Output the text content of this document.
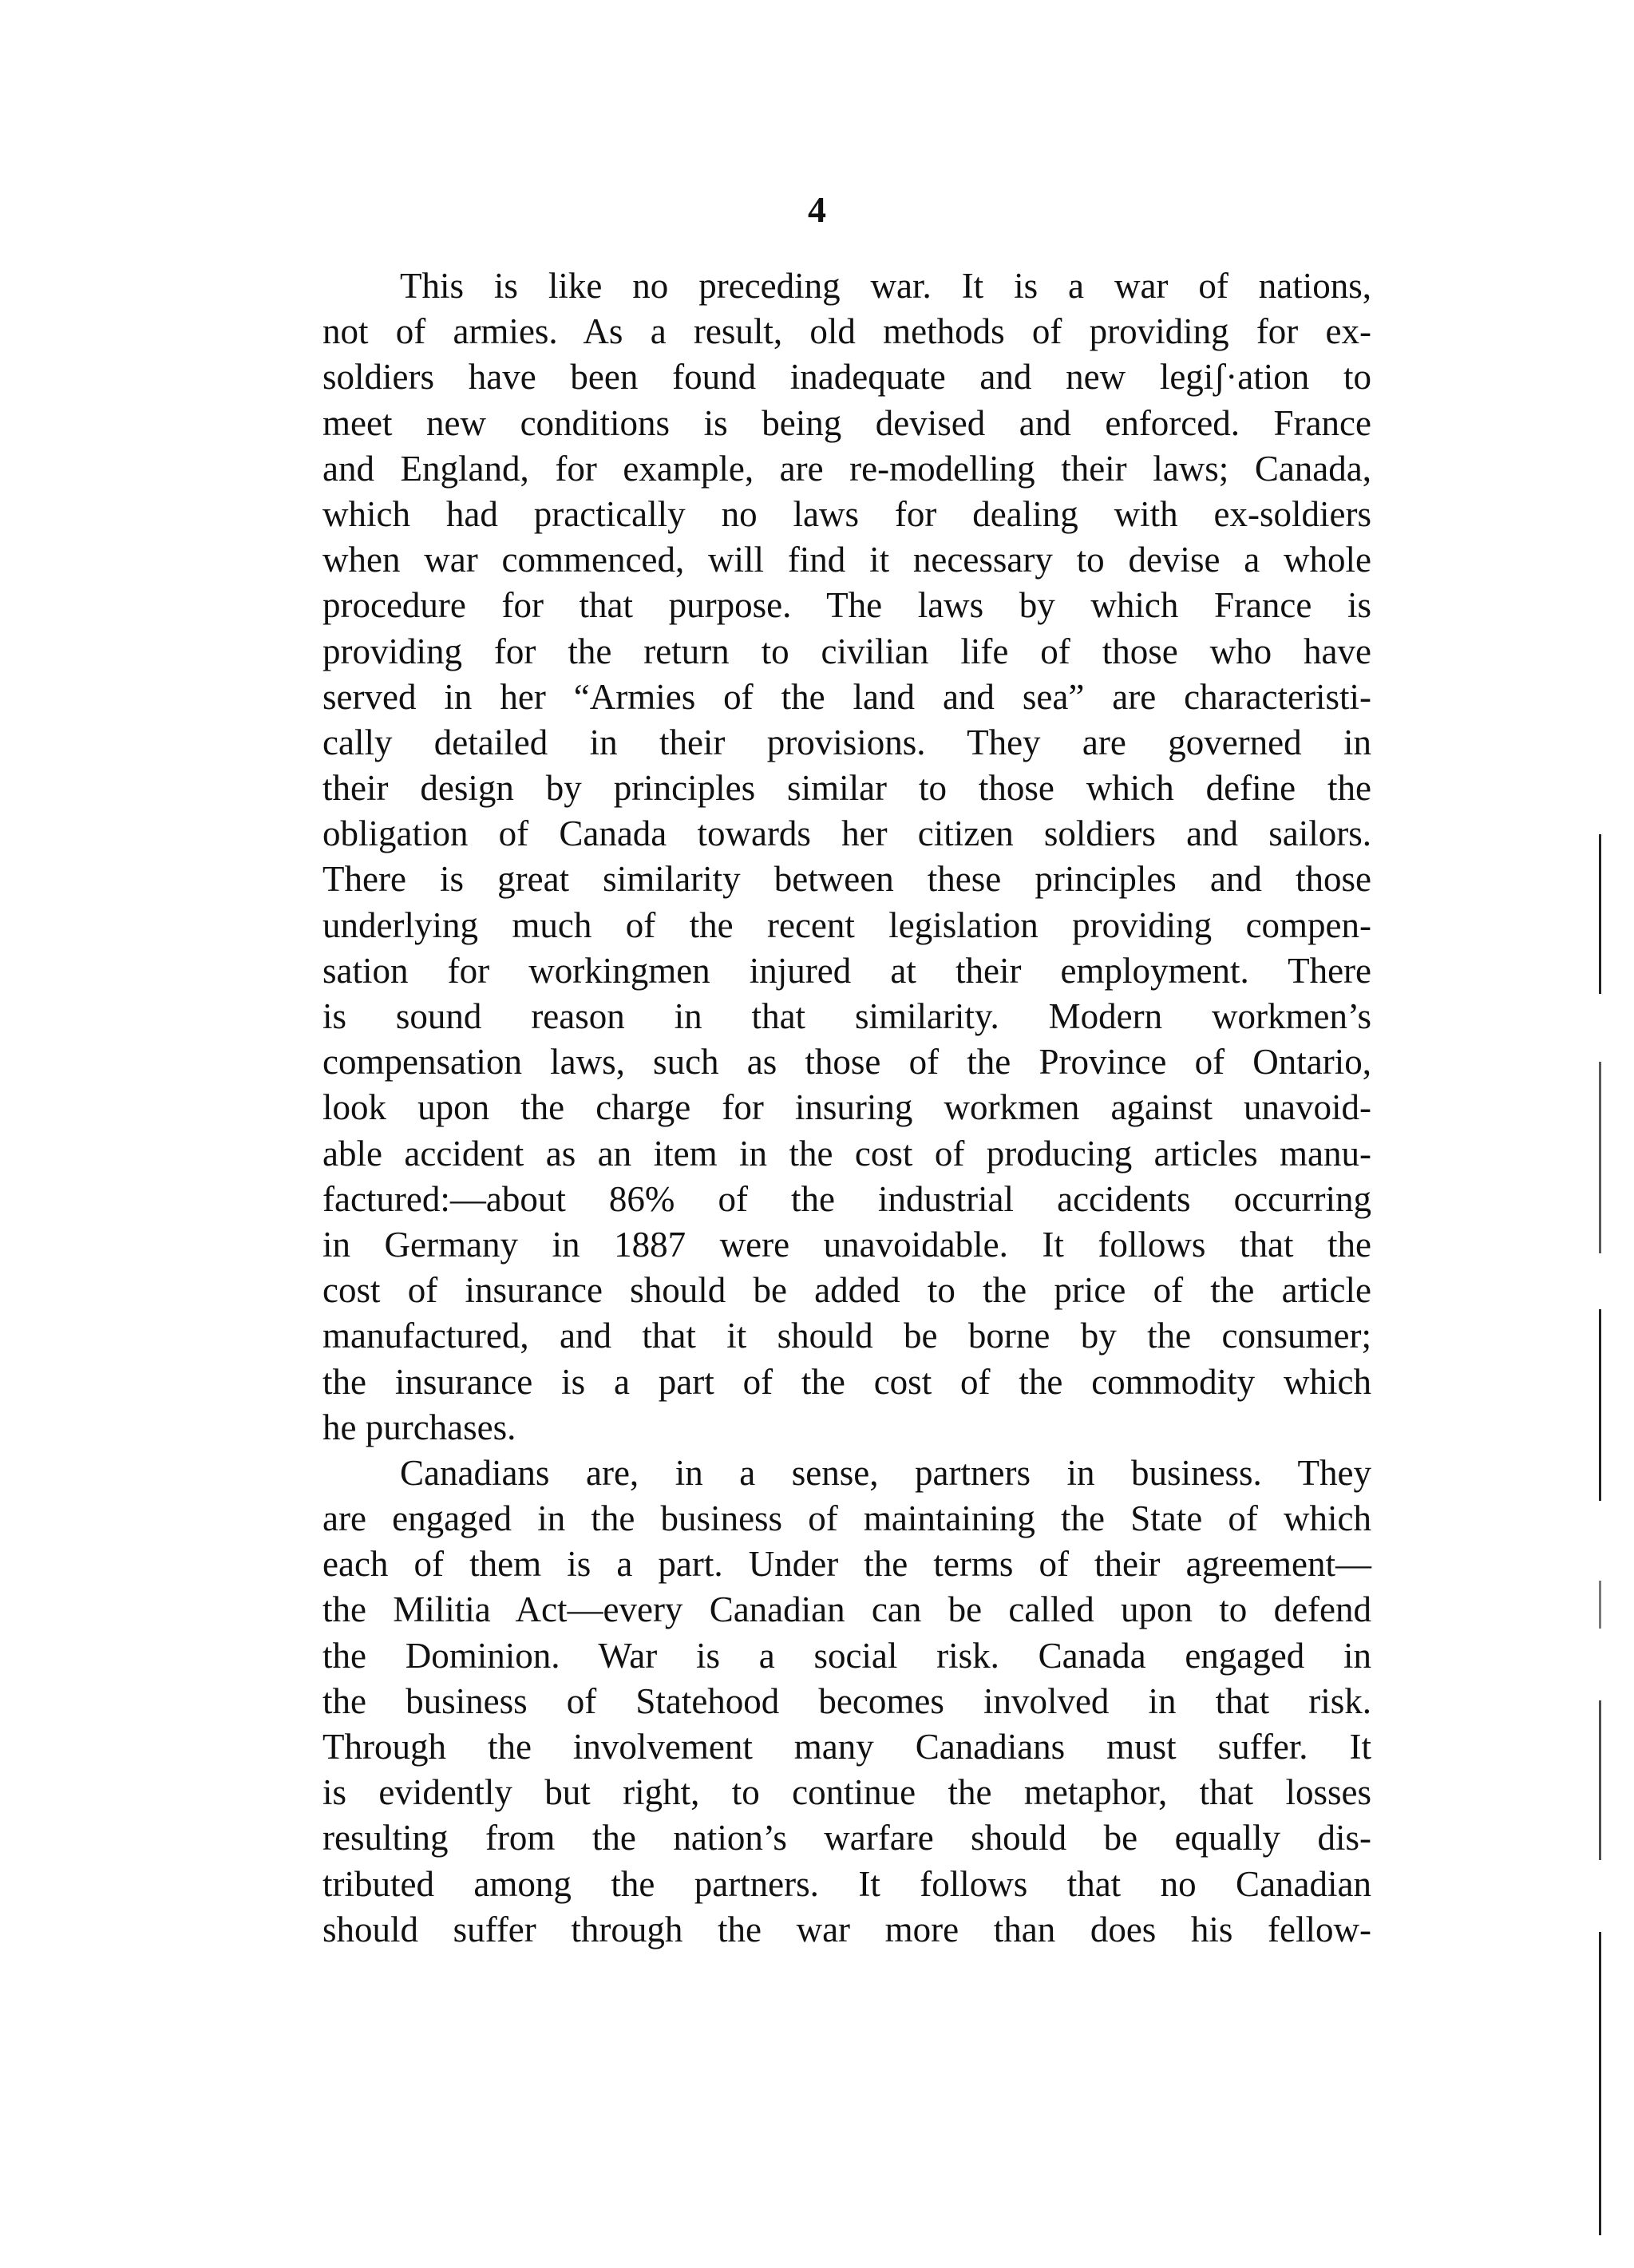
4
This is like no preceding war. It is a war of nations,
not of armies. As a result, old methods of providing for ex-
soldiers have been found inadequate and new legiʃ·ation to
meet new conditions is being devised and enforced. France
and England, for example, are re-modelling their laws; Canada,
which had practically no laws for dealing with ex-soldiers
when war commenced, will find it necessary to devise a whole
procedure for that purpose. The laws by which France is
providing for the return to civilian life of those who have
served in her “Armies of the land and sea” are characteristi-
cally detailed in their provisions. They are governed in
their design by principles similar to those which define the
obligation of Canada towards her citizen soldiers and sailors.
There is great similarity between these principles and those
underlying much of the recent legislation providing compen-
sation for workingmen injured at their employment. There
is sound reason in that similarity. Modern workmen’s
compensation laws, such as those of the Province of Ontario,
look upon the charge for insuring workmen against unavoid-
able accident as an item in the cost of producing articles manu-
factured:—about 86% of the industrial accidents occurring
in Germany in 1887 were unavoidable. It follows that the
cost of insurance should be added to the price of the article
manufactured, and that it should be borne by the consumer;
the insurance is a part of the cost of the commodity which
he purchases.
Canadians are, in a sense, partners in business. They
are engaged in the business of maintaining the State of which
each of them is a part. Under the terms of their agreement—
the Militia Act—every Canadian can be called upon to defend
the Dominion. War is a social risk. Canada engaged in
the business of Statehood becomes involved in that risk.
Through the involvement many Canadians must suffer. It
is evidently but right, to continue the metaphor, that losses
resulting from the nation’s warfare should be equally dis-
tributed among the partners. It follows that no Canadian
should suffer through the war more than does his fellow-
